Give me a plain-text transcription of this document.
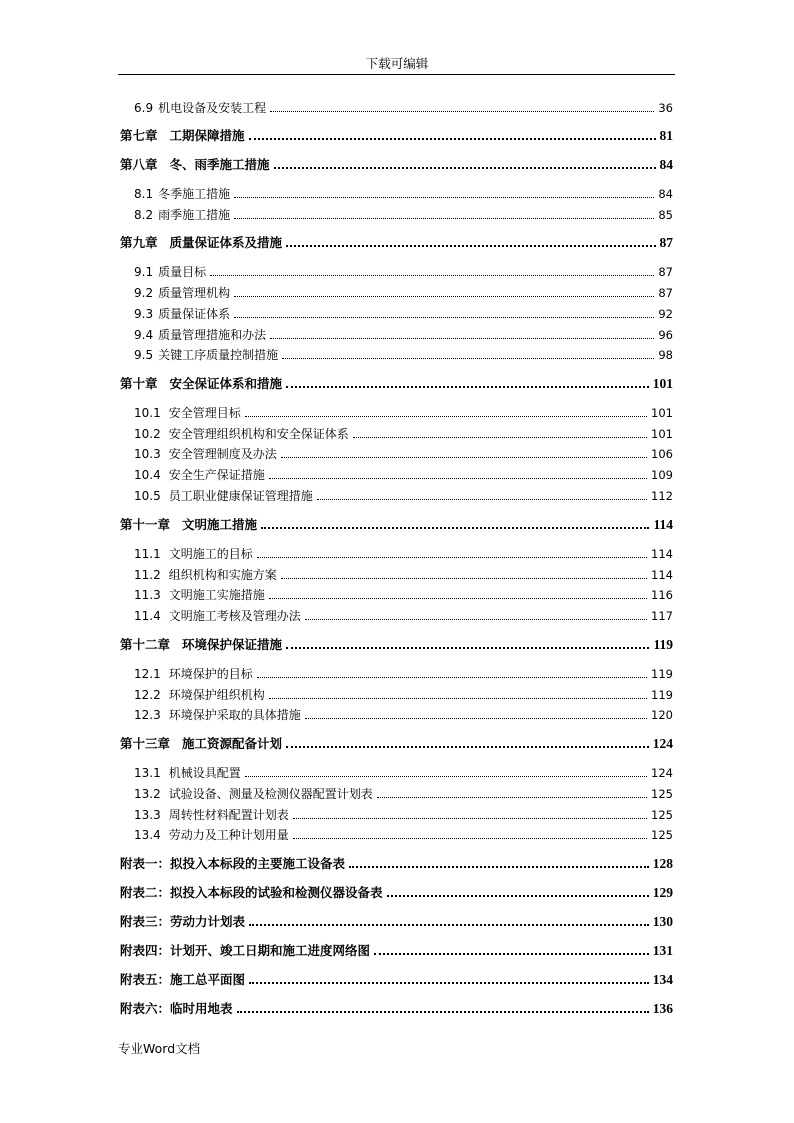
下载可编辑
6.9 机电设备及安装工程	36
第七章 工期保障措施	81
第八章 冬、雨季施工措施	84
8.1 冬季施工措施	84
8.2 雨季施工措施	85
第九章 质量保证体系及措施	87
9.1 质量目标	87
9.2 质量管理机构	87
9.3 质量保证体系	92
9.4 质量管理措施和办法	96
9.5 关键工序质量控制措施	98
第十章 安全保证体系和措施	101
10.1 安全管理目标	101
10.2 安全管理组织机构和安全保证体系	101
10.3 安全管理制度及办法	106
10.4 安全生产保证措施	109
10.5 员工职业健康保证管理措施	112
第十一章 文明施工措施	114
11.1 文明施工的目标	114
11.2 组织机构和实施方案	114
11.3 文明施工实施措施	116
11.4 文明施工考核及管理办法	117
第十二章 环境保护保证措施	119
12.1 环境保护的目标	119
12.2 环境保护组织机构	119
12.3 环境保护采取的具体措施	120
第十三章 施工资源配备计划	124
13.1 机械设具配置	124
13.2 试验设备、测量及检测仪器配置计划表	125
13.3 周转性材料配置计划表	125
13.4 劳动力及工种计划用量	125
附表一： 拟投入本标段的主要施工设备表	128
附表二： 拟投入本标段的试验和检测仪器设备表	129
附表三： 劳动力计划表	130
附表四： 计划开、竣工日期和施工进度网络图	131
附表五： 施工总平面图	134
附表六： 临时用地表	136
专业Word文档
